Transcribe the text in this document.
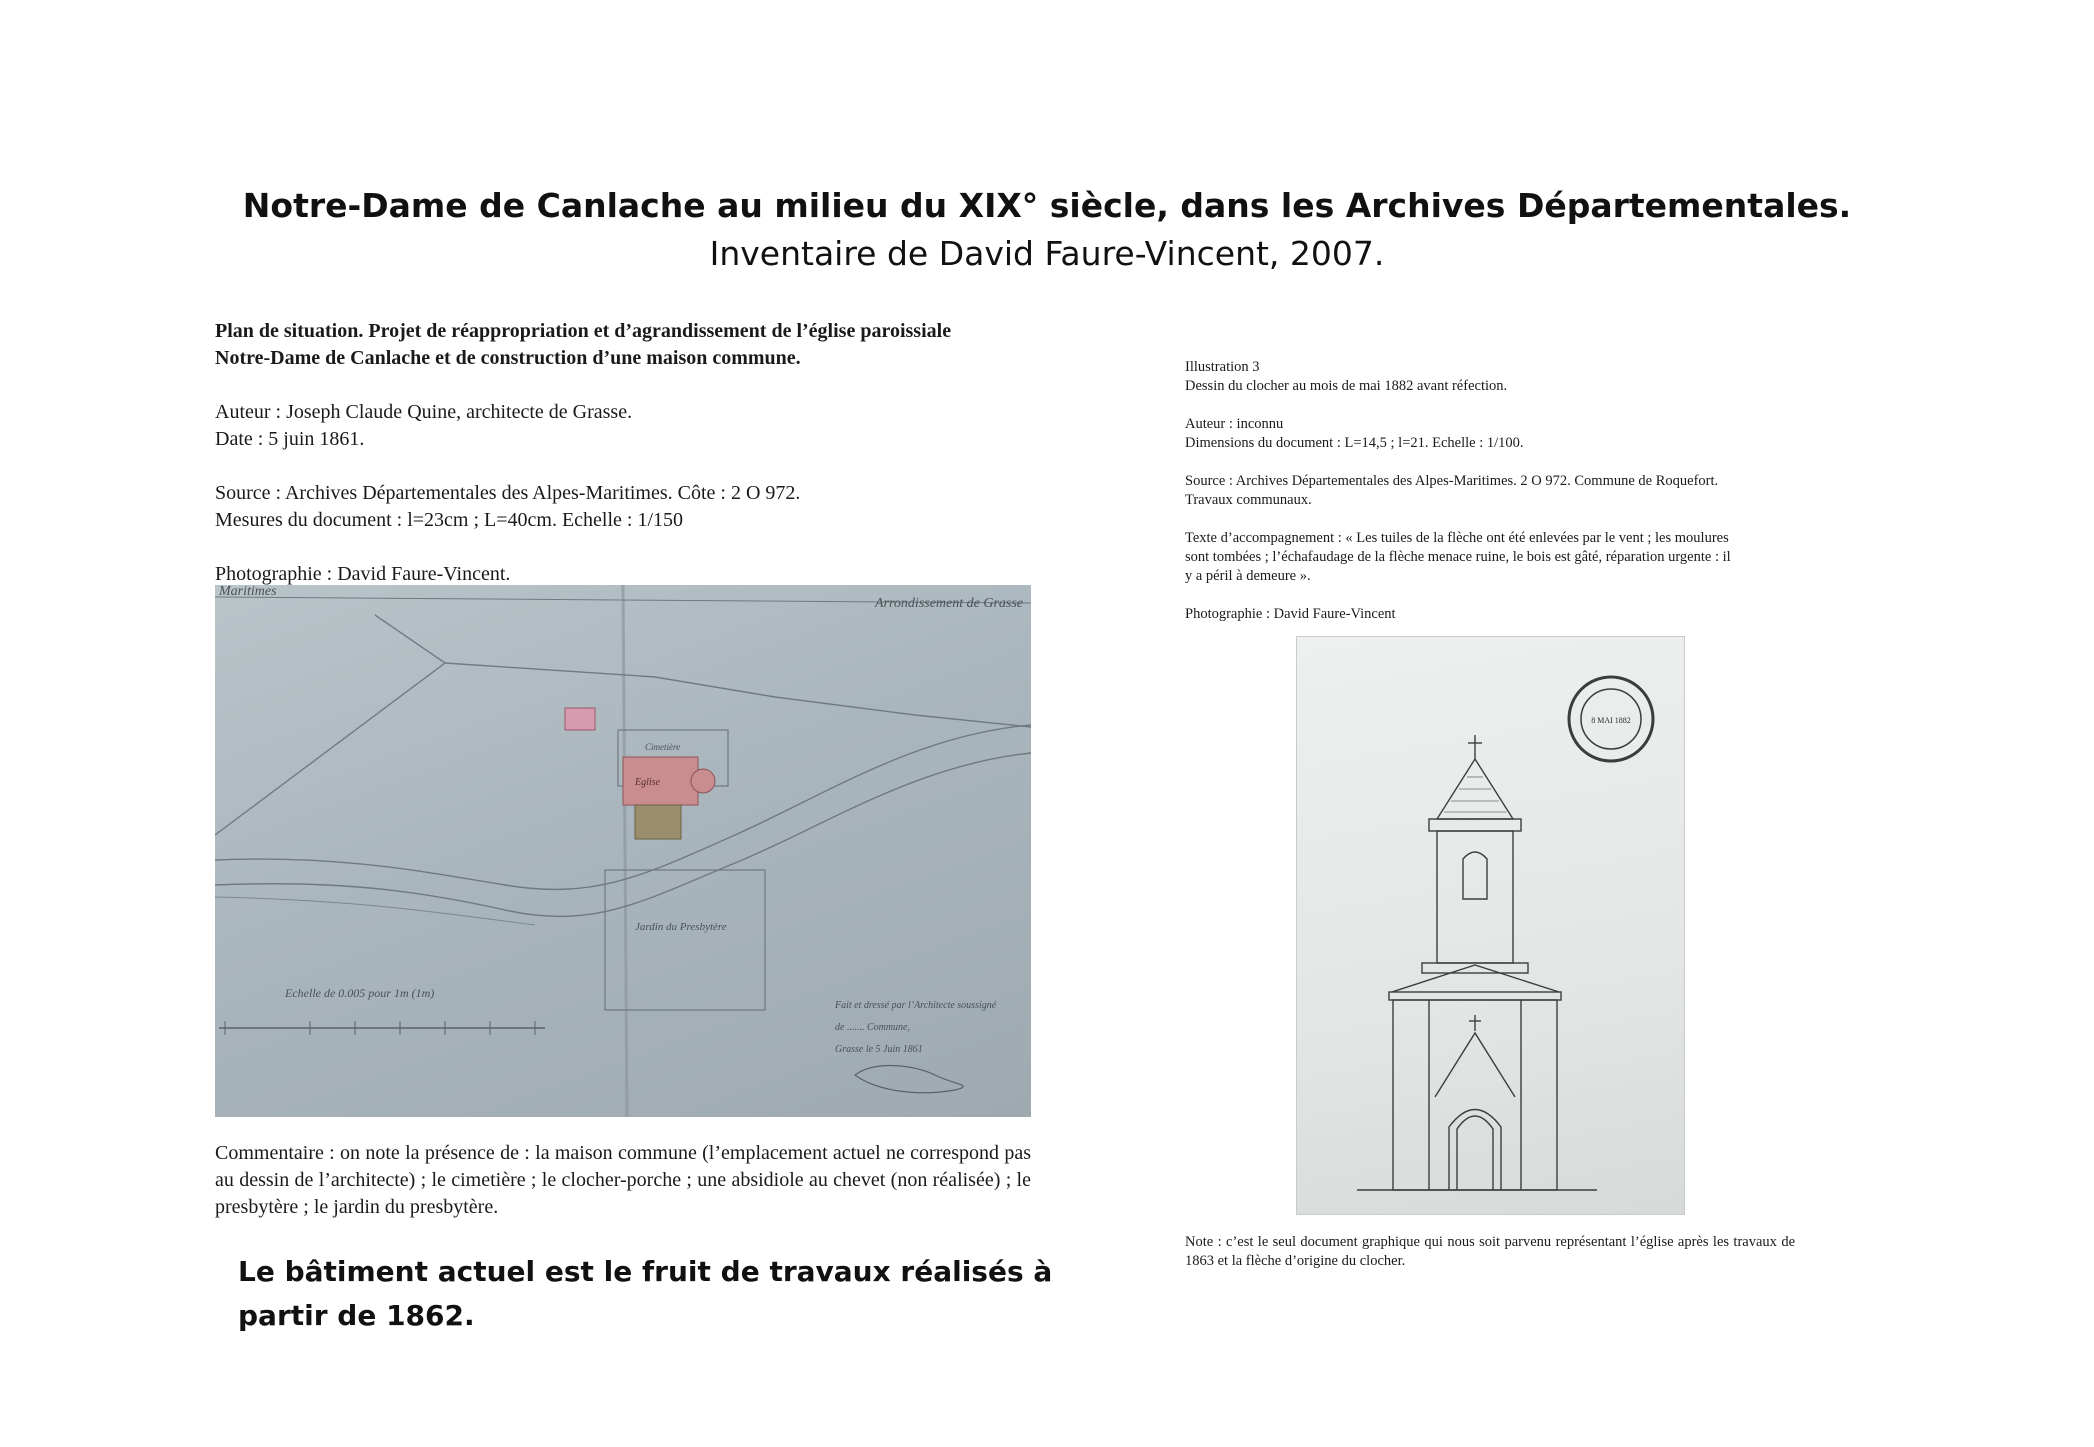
Notre-Dame de Canlache au milieu du XIX° siècle, dans les Archives Départementales.
Inventaire de David Faure-Vincent, 2007.

Plan de situation. Projet de réappropriation et d’agrandissement de l’église paroissiale

Notre-Dame de Canlache et de construction d’une maison commune.

Auteur : Joseph Claude Quine, architecte de Grasse.

Date : 5 juin 1861.

Source : Archives Départementales des Alpes-Maritimes. Côte : 2 O 972.

Mesures du document : l=23cm ; L=40cm. Echelle : 1/150

Photographie : David Faure-Vincent.

Maritimes
Arrondissement de Grasse
Jardin du Presbytère
Cimetière
Eglise
Echelle de 0.005 pour 1m (1m)
Fait et dressé par l’Architecte soussigné
de ....... Commune,
Grasse le 5 Juin 1861
Commentaire : on note la présence de : la maison commune (l’emplacement actuel ne correspond pas au dessin de l’architecte) ; le cimetière ; le clocher-porche ; une absidiole au chevet (non réalisée) ; le presbytère ; le jardin du presbytère.
Le bâtiment actuel est le fruit de travaux réalisés à partir de 1862.

Illustration 3

Dessin du clocher au mois de mai 1882 avant réfection.

Auteur : inconnu

Dimensions du document : L=14,5 ; l=21. Echelle : 1/100.

Source : Archives Départementales des Alpes-Maritimes. 2 O 972. Commune de Roquefort.

Travaux communaux.

Texte d’accompagnement : « Les tuiles de la flèche ont été enlevées par le vent ; les moulures

sont tombées ; l’échafaudage de la flèche menace ruine, le bois est gâté, réparation urgente : il

y a péril à demeure ».

Photographie : David Faure-Vincent

8 MAI 1882
Note : c’est le seul document graphique qui nous soit parvenu représentant l’église après les travaux de 1863 et la flèche d’origine du clocher.
